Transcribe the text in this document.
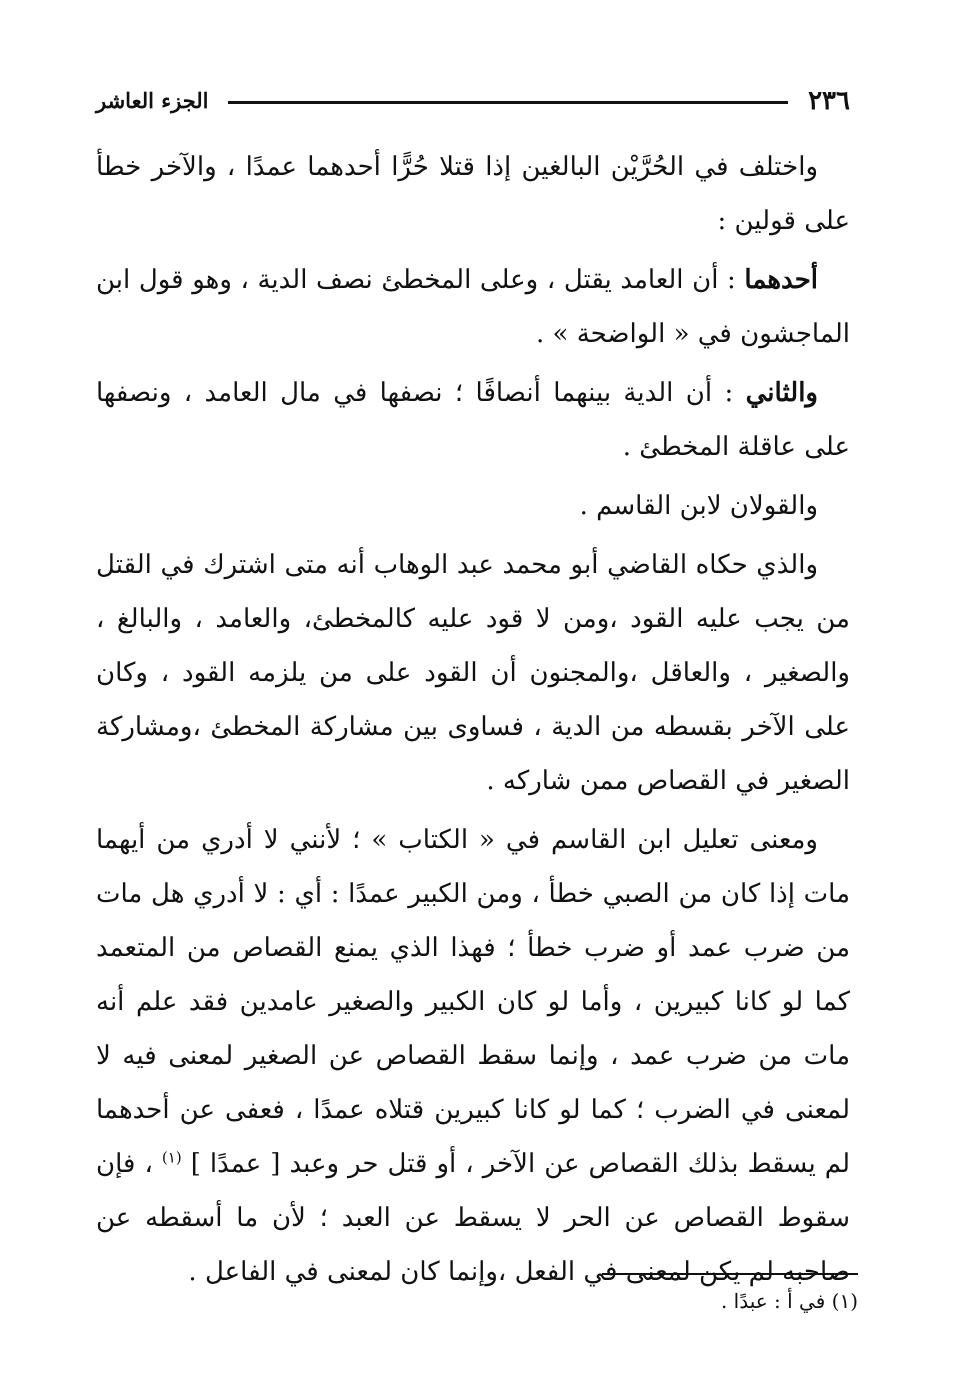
٢٣٦
الجزء العاشر

واختلف في الحُرَّيْن البالغين إذا قتلا حُرًّا أحدهما عمدًا ، والآخر خطأ على قولين :

أحدهما : أن العامد يقتل ، وعلى المخطئ نصف الدية ، وهو قول ابن الماجشون في « الواضحة » .

والثاني : أن الدية بينهما أنصافًا ؛ نصفها في مال العامد ، ونصفها على عاقلة المخطئ .

والقولان لابن القاسم .

والذي حكاه القاضي أبو محمد عبد الوهاب أنه متى اشترك في القتل من يجب عليه القود ،ومن لا قود عليه كالمخطئ، والعامد ، والبالغ ، والصغير ، والعاقل ،والمجنون أن القود على من يلزمه القود ، وكان على الآخر بقسطه من الدية ، فساوى بين مشاركة المخطئ ،ومشاركة الصغير في القصاص ممن شاركه .

ومعنى تعليل ابن القاسم في « الكتاب » ؛ لأنني لا أدري من أيهما مات إذا كان من الصبي خطأ ، ومن الكبير عمدًا : أي : لا أدري هل مات من ضرب عمد أو ضرب خطأ ؛ فهذا الذي يمنع القصاص من المتعمد كما لو كانا كبيرين ، وأما لو كان الكبير والصغير عامدين فقد علم أنه مات من ضرب عمد ، وإنما سقط القصاص عن الصغير لمعنى فيه لا لمعنى في الضرب ؛ كما لو كانا كبيرين قتلاه عمدًا ، فعفى عن أحدهما لم يسقط بذلك القصاص عن الآخر ، أو قتل حر وعبد [ عمدًا ] $^{(١)}$ ، فإن سقوط القصاص عن الحر لا يسقط عن العبد ؛ لأن ما أسقطه عن صاحبه لم يكن لمعنى في الفعل ،وإنما كان لمعنى في الفاعل .

(١) في أ : عبدًا .
